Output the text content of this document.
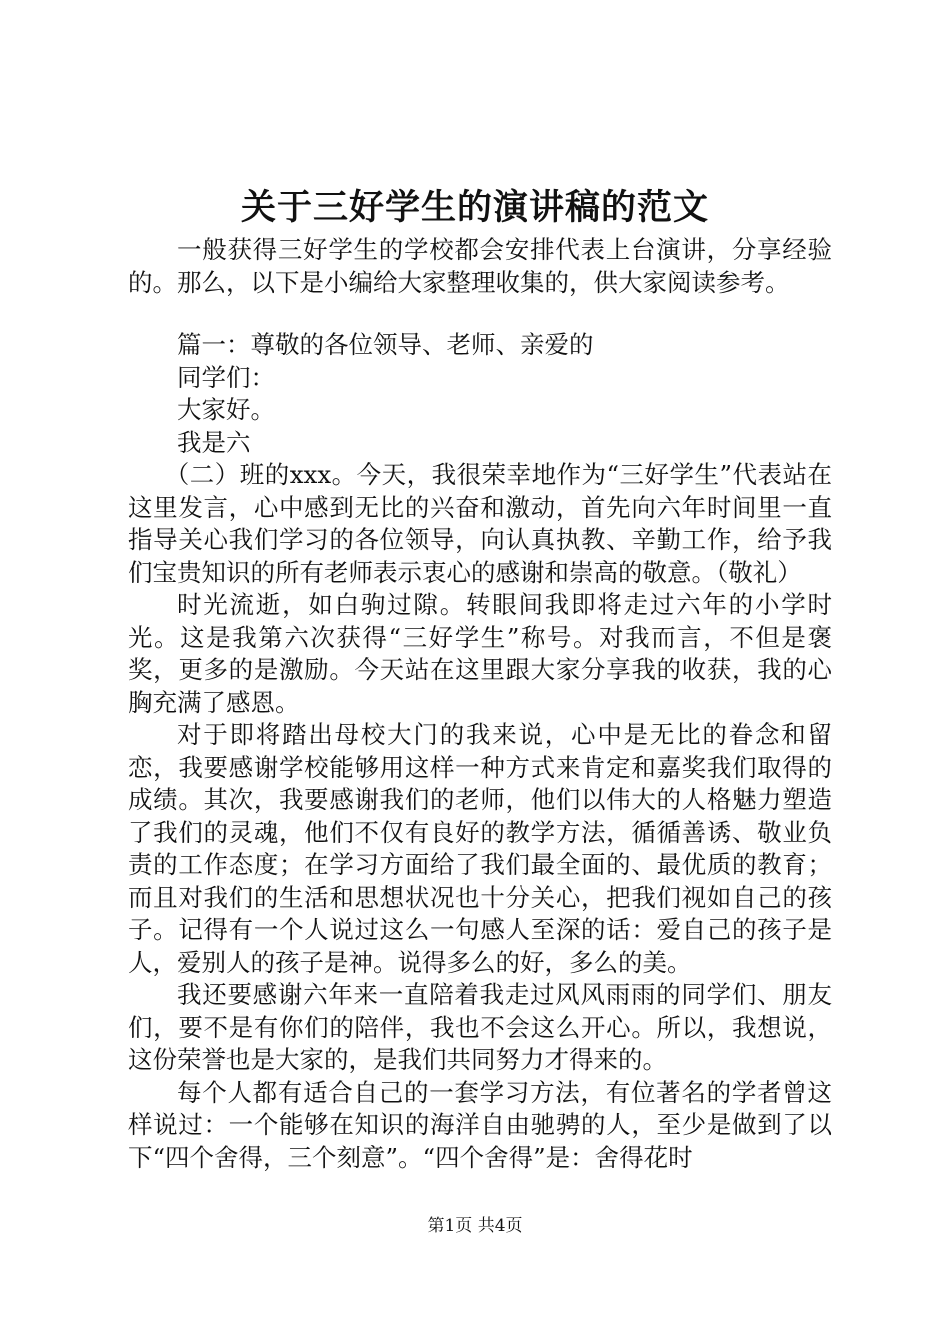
关于三好学生的演讲稿的范文

一般获得三好学生的学校都会安排代表上台演讲，分享经验的。那么，以下是小编给大家整理收集的，供大家阅读参考。

篇一：尊敬的各位领导、老师、亲爱的

同学们：

大家好。

我是六

（二）班的xxx。今天，我很荣幸地作为“三好学生”代表站在这里发言，心中感到无比的兴奋和激动，首先向六年时间里一直指导关心我们学习的各位领导，向认真执教、辛勤工作，给予我们宝贵知识的所有老师表示衷心的感谢和崇高的敬意。（敬礼）

时光流逝，如白驹过隙。转眼间我即将走过六年的小学时光。这是我第六次获得“三好学生”称号。对我而言，不但是褒奖，更多的是激励。今天站在这里跟大家分享我的收获，我的心胸充满了感恩。

对于即将踏出母校大门的我来说，心中是无比的眷念和留恋，我要感谢学校能够用这样一种方式来肯定和嘉奖我们取得的成绩。其次，我要感谢我们的老师，他们以伟大的人格魅力塑造了我们的灵魂，他们不仅有良好的教学方法，循循善诱、敬业负责的工作态度；在学习方面给了我们最全面的、最优质的教育；而且对我们的生活和思想状况也十分关心，把我们视如自己的孩子。记得有一个人说过这么一句感人至深的话：爱自己的孩子是人，爱别人的孩子是神。说得多么的好，多么的美。

我还要感谢六年来一直陪着我走过风风雨雨的同学们、朋友们，要不是有你们的陪伴，我也不会这么开心。所以，我想说，这份荣誉也是大家的，是我们共同努力才得来的。

每个人都有适合自己的一套学习方法，有位著名的学者曾这样说过：一个能够在知识的海洋自由驰骋的人，至少是做到了以下“四个舍得，三个刻意”。“四个舍得”是：舍得花时

第1页 共4页
